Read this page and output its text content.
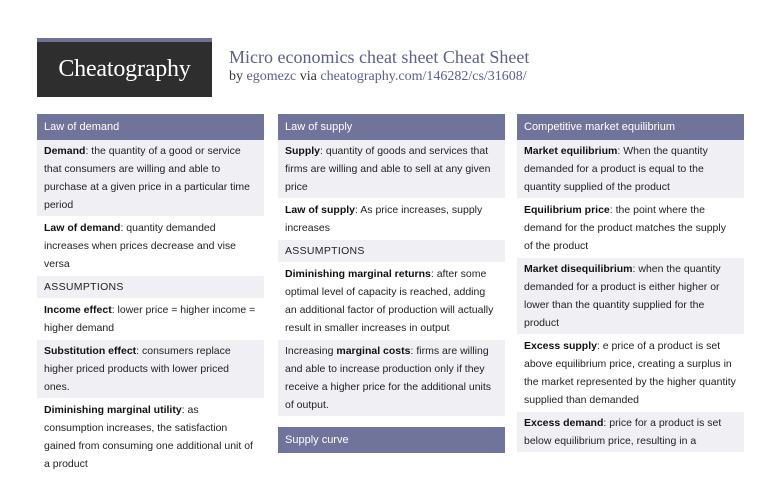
Cheatography Micro economics cheat sheet Cheat Sheet
by egomezc via cheatography.com/146282/cs/31608/
Law of demand
Demand: the quantity of a good or service that consumers are willing and able to purchase at a given price in a particular time period
Law of demand: quantity demanded increases when prices decrease and vise versa
ASSUMPTIONS
Income effect: lower price = higher income = higher demand
Substitution effect: consumers replace higher priced products with lower priced ones.
Diminishing marginal utility: as consumption increases, the satisfaction gained from consuming one additional unit of a product
Law of supply
Supply: quantity of goods and services that firms are willing and able to sell at any given price
Law of supply: As price increases, supply increases
ASSUMPTIONS
Diminishing marginal returns: after some optimal level of capacity is reached, adding an additional factor of production will actually result in smaller increases in output
Increasing marginal costs: firms are willing and able to increase production only if they receive a higher price for the additional units of output.
Supply curve
Competitive market equilibrium
Market equilibrium: When the quantity demanded for a product is equal to the quantity supplied of the product
Equilibrium price: the point where the demand for the product matches the supply of the product
Market disequilibrium: when the quantity demanded for a product is either higher or lower than the quantity supplied for the product
Excess supply: e price of a product is set above equilibrium price, creating a surplus in the market represented by the higher quantity supplied than demanded
Excess demand: price for a product is set below equilibrium price, resulting in a
